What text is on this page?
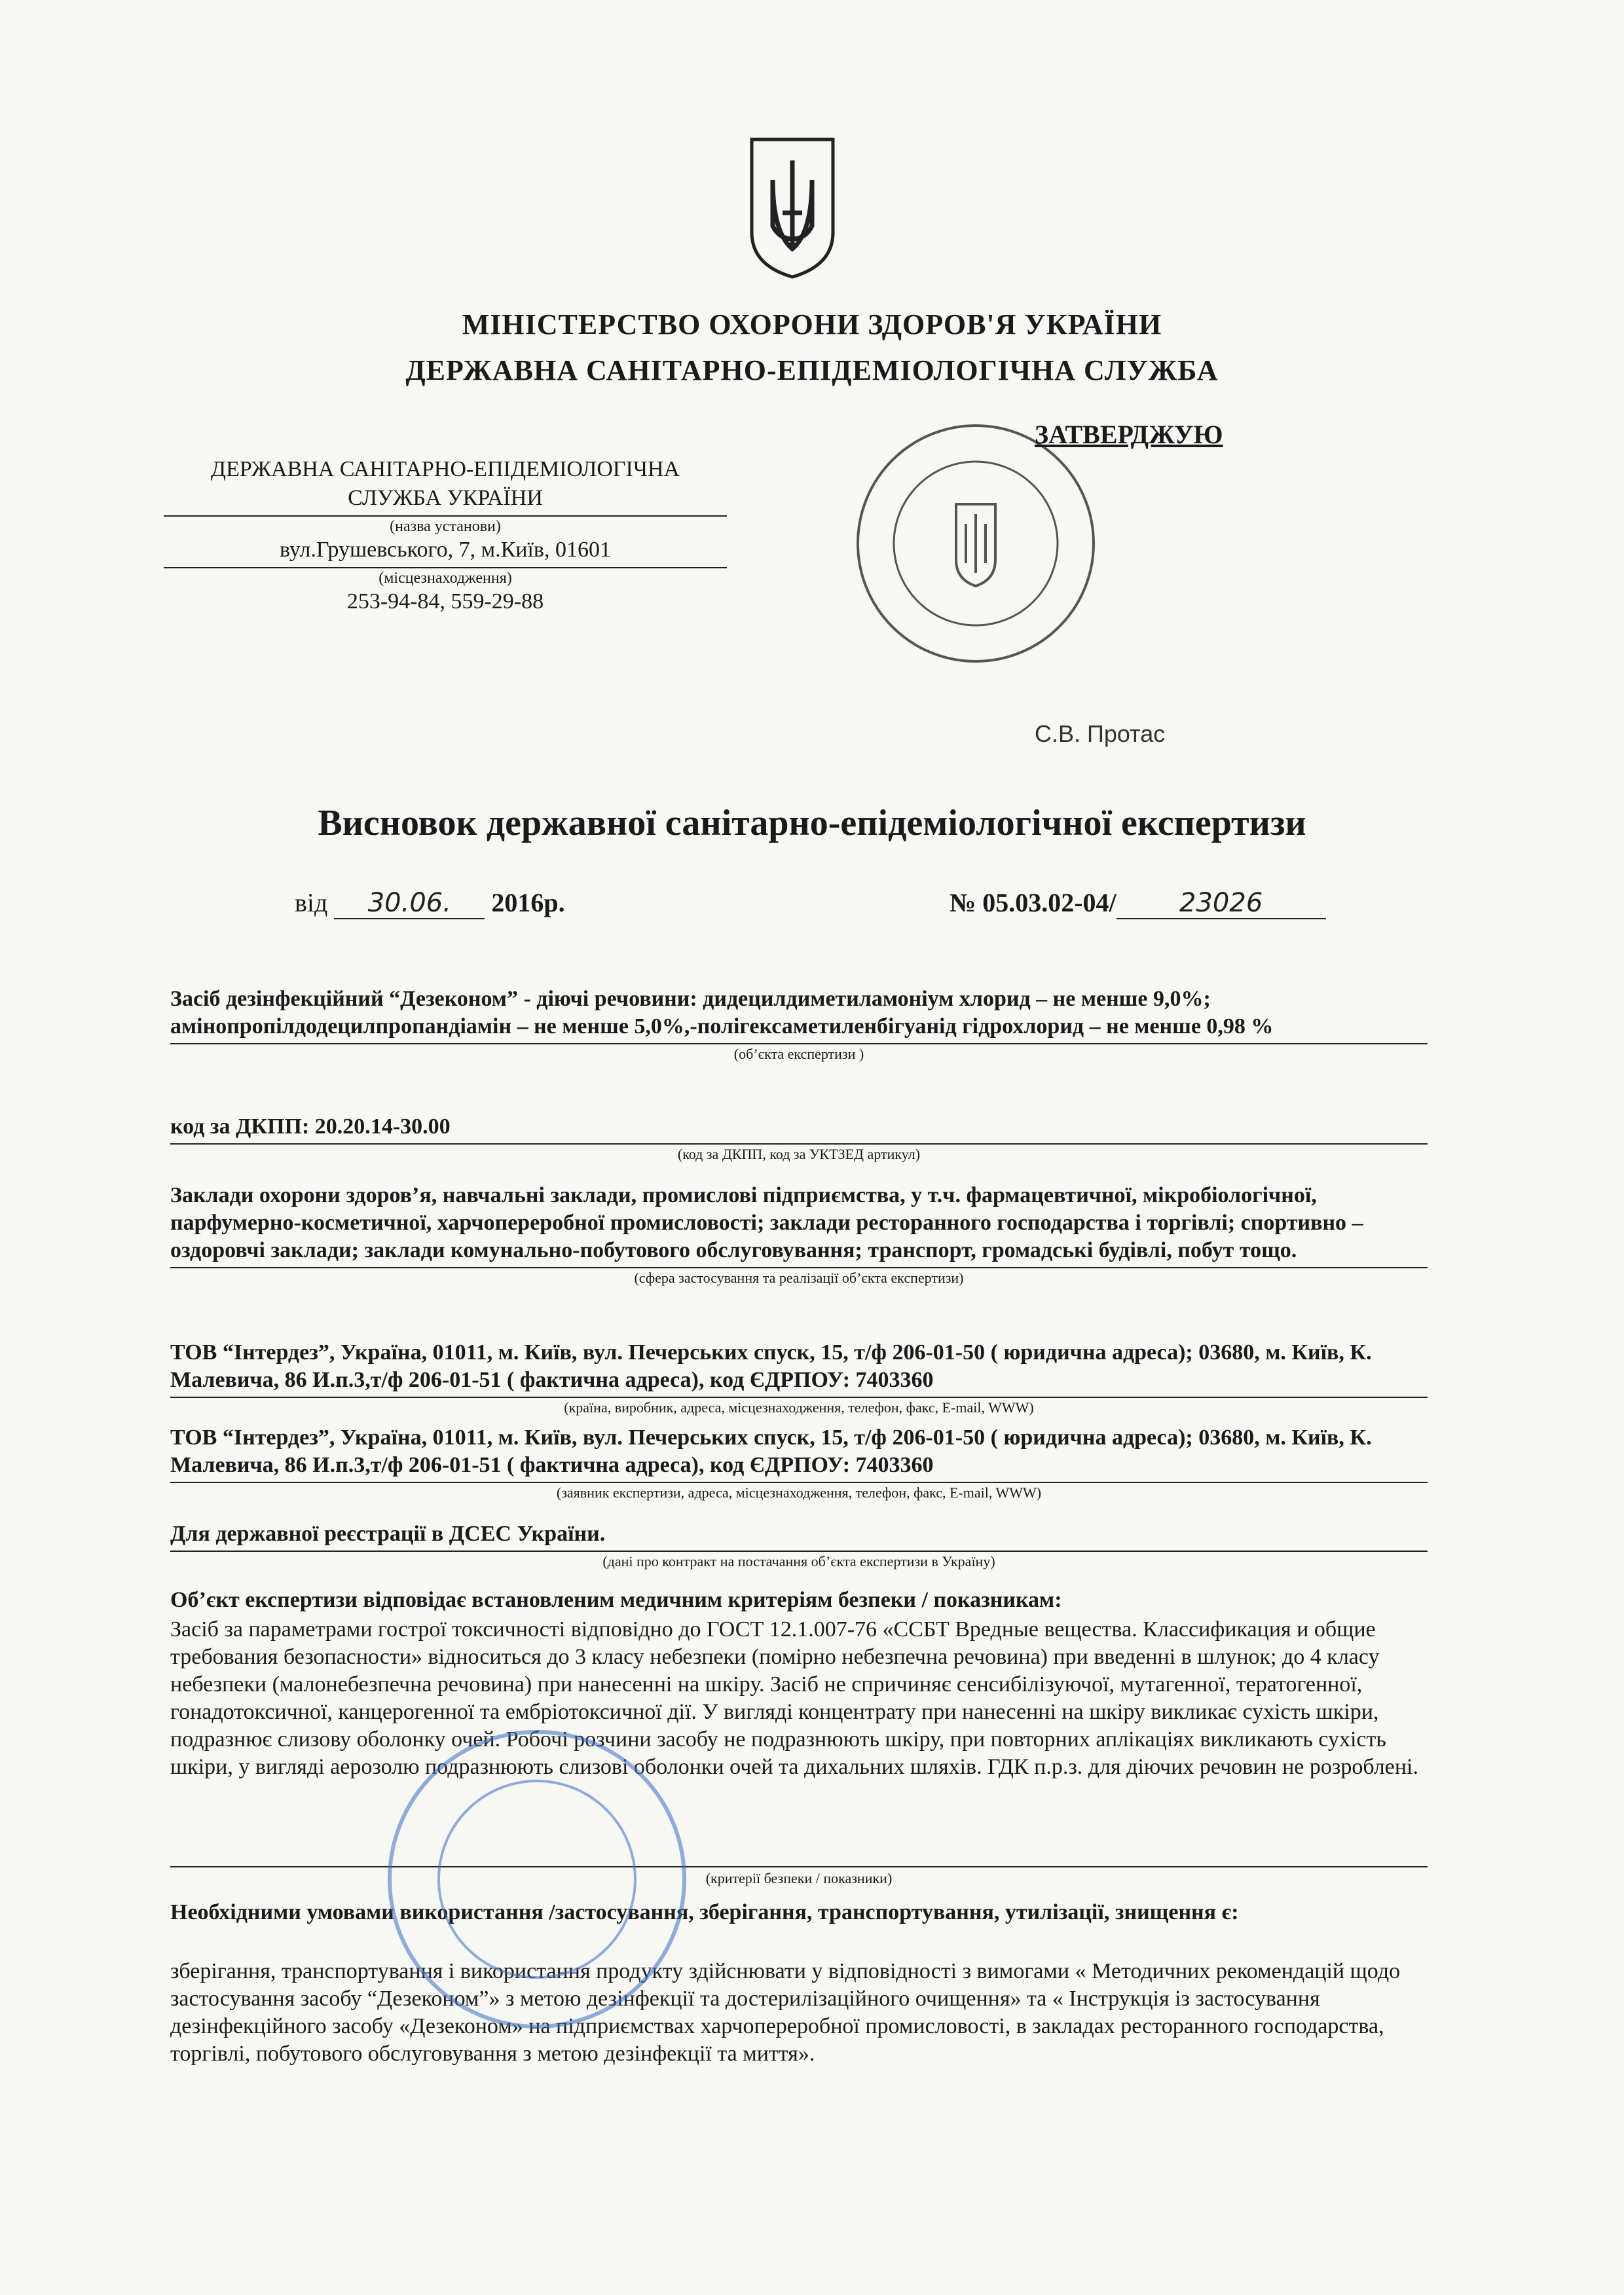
МІНІСТЕРСТВО ОХОРОНИ ЗДОРОВ'Я УКРАЇНИ
ДЕРЖАВНА САНІТАРНО-ЕПІДЕМІОЛОГІЧНА СЛУЖБА
ДЕРЖАВНА САНІТАРНО-ЕПІДЕМІОЛОГІЧНА
СЛУЖБА УКРАЇНИ
(назва установи)
вул.Грушевського, 7, м.Київ, 01601
(місцезнаходження)
253-94-84, 559-29-88
ЗАТВЕРДЖУЮ
С.В. Протас
Висновок державної санітарно-епідеміологічної експертизи
від 30.06. 2016р.	№ 05.03.02-04/ 23026
Засіб дезінфекційний “Дезеконом” - діючі речовини: дидецилдиметиламоніум хлорид – не менше 9,0%; амінопропілдодецилпропандіамін – не менше 5,0%,-полігексаметиленбігуанід гідрохлорид – не менше 0,98 %
(об’єкта експертизи )
код за ДКПП: 20.20.14-30.00
(код за ДКПП, код за УКТЗЕД артикул)
Заклади охорони здоров’я, навчальні заклади, промислові підприємства, у т.ч. фармацевтичної, мікробіологічної, парфумерно-косметичної, харчопереробної промисловості; заклади ресторанного господарства і торгівлі; спортивно – оздоровчі заклади; заклади комунально-побутового обслуговування; транспорт, громадські будівлі, побут тощо.
(сфера застосування та реалізації об’єкта експертизи)
ТОВ “Інтердез”, Україна, 01011, м. Київ, вул. Печерських спуск, 15, т/ф 206-01-50 ( юридична адреса); 03680, м. Київ, К. Малевича, 86 И.п.3,т/ф 206-01-51 ( фактична адреса), код ЄДРПОУ: 7403360
(країна, виробник, адреса, місцезнаходження, телефон, факс, E-mail, WWW)
ТОВ “Інтердез”, Україна, 01011, м. Київ, вул. Печерських спуск, 15, т/ф 206-01-50 ( юридична адреса); 03680, м. Київ, К. Малевича, 86 И.п.3,т/ф 206-01-51 ( фактична адреса), код ЄДРПОУ: 7403360
(заявник експертизи, адреса, місцезнаходження, телефон, факс, E-mail, WWW)
Для державної реєстрації в ДСЕС України.
(дані про контракт на постачання об’єкта експертизи в Україну)
Об’єкт експертизи відповідає встановленим медичним критеріям безпеки / показникам:
Засіб за параметрами гострої токсичності відповідно до ГОСТ 12.1.007-76 «ССБТ Вредные вещества. Классификация и общие требования безопасности» відноситься до 3 класу небезпеки (помірно небезпечна речовина) при введенні в шлунок; до 4 класу небезпеки (малонебезпечна речовина) при нанесенні на шкіру. Засіб не спричиняє сенсибілізуючої, мутагенної, тератогенної, гонадотоксичної, канцерогенної та ембріотоксичної дії. У вигляді концентрату при нанесенні на шкіру викликає сухість шкіри, подразнює слизову оболонку очей. Робочі розчини засобу не подразнюють шкіру, при повторних аплікаціях викликають сухість шкіри, у вигляді аерозолю подразнюють слизові оболонки очей та дихальних шляхів. ГДК п.р.з. для діючих речовин не розроблені.
(критерії безпеки / показники)
Необхідними умовами використання /застосування, зберігання, транспортування, утилізації, знищення є:
зберігання, транспортування і використання продукту здійснювати у відповідності з вимогами « Методичних рекомендацій щодо застосування засобу “Дезеконом”» з метою дезінфекції та достерилізаційного очищення» та « Інструкція із застосування дезінфекційного засобу «Дезеконом» на підприємствах харчопереробної промисловості, в закладах ресторанного господарства, торгівлі, побутового обслуговування з метою дезінфекції та миття».
